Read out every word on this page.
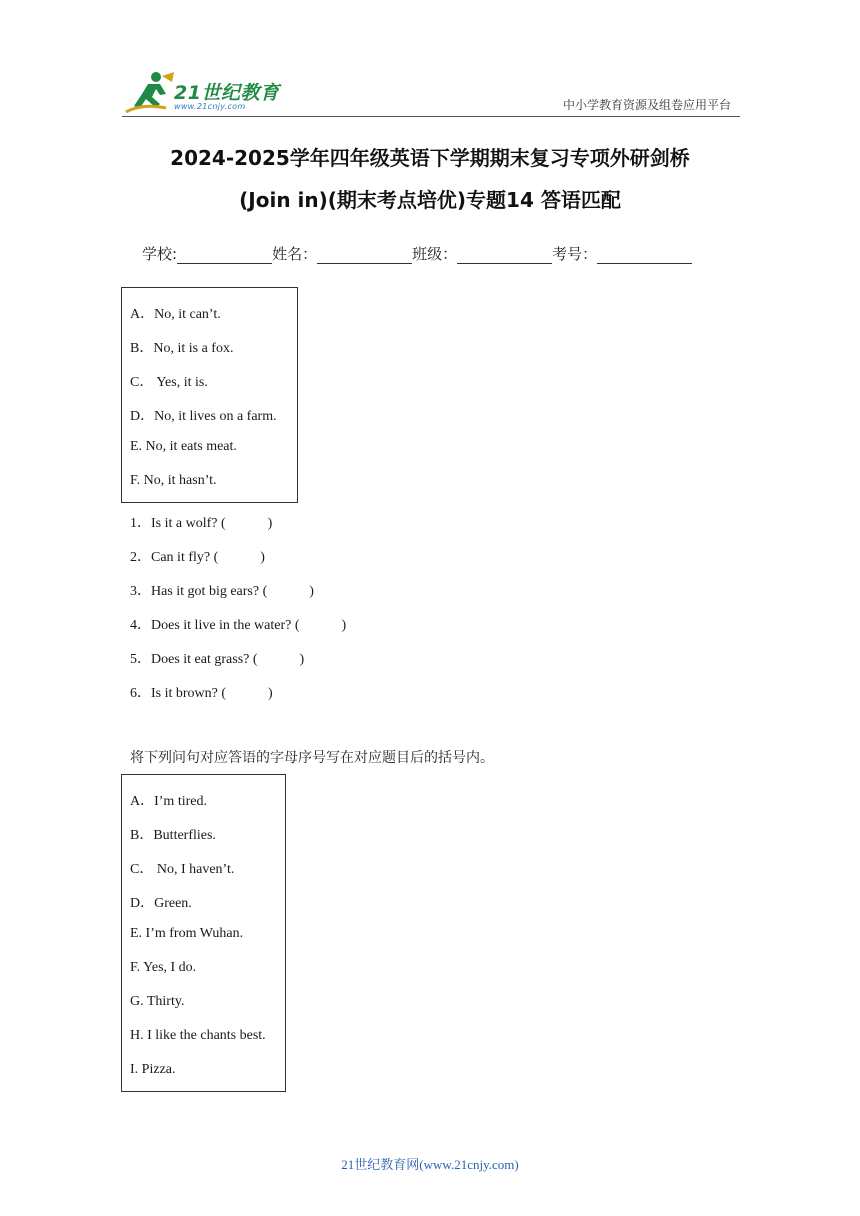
21世纪教育
www.21cnjy.com	中小学教育资源及组卷应用平台
2024-2025学年四年级英语下学期期末复习专项外研剑桥
(Join in)(期末考点培优)专题14 答语匹配
学校:	姓名：	班级：	考号：
A．No, it can’t.
B．No, it is a fox.
C． Yes, it is.
D．No, it lives on a farm.
E. No, it eats meat.
F. No, it hasn’t.
1．Is it a wolf? (	)
2．Can it fly? (	)
3．Has it got big ears? (	)
4．Does it live in the water? (	)
5．Does it eat grass? (	)
6．Is it brown? (	)
将下列问句对应答语的字母序号写在对应题目后的括号内。
A．I’m tired.
B．Butterflies.
C． No, I haven’t.
D．Green.
E. I’m from Wuhan.
F. Yes, I do.
G. Thirty.
H. I like the chants best.
I. Pizza.
21世纪教育网(www.21cnjy.com)
